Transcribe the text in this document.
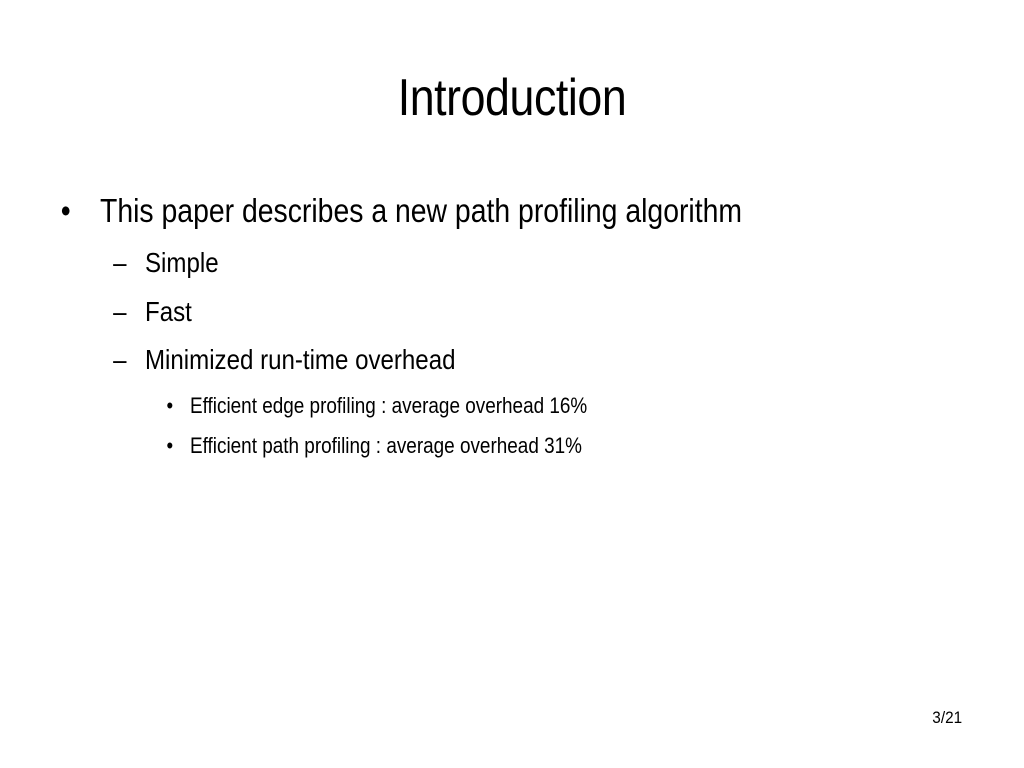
Introduction
• This paper describes a new path profiling algorithm
– Simple
– Fast
– Minimized run-time overhead
• Efficient edge profiling : average overhead 16%
• Efficient path profiling : average overhead 31%
3/21
